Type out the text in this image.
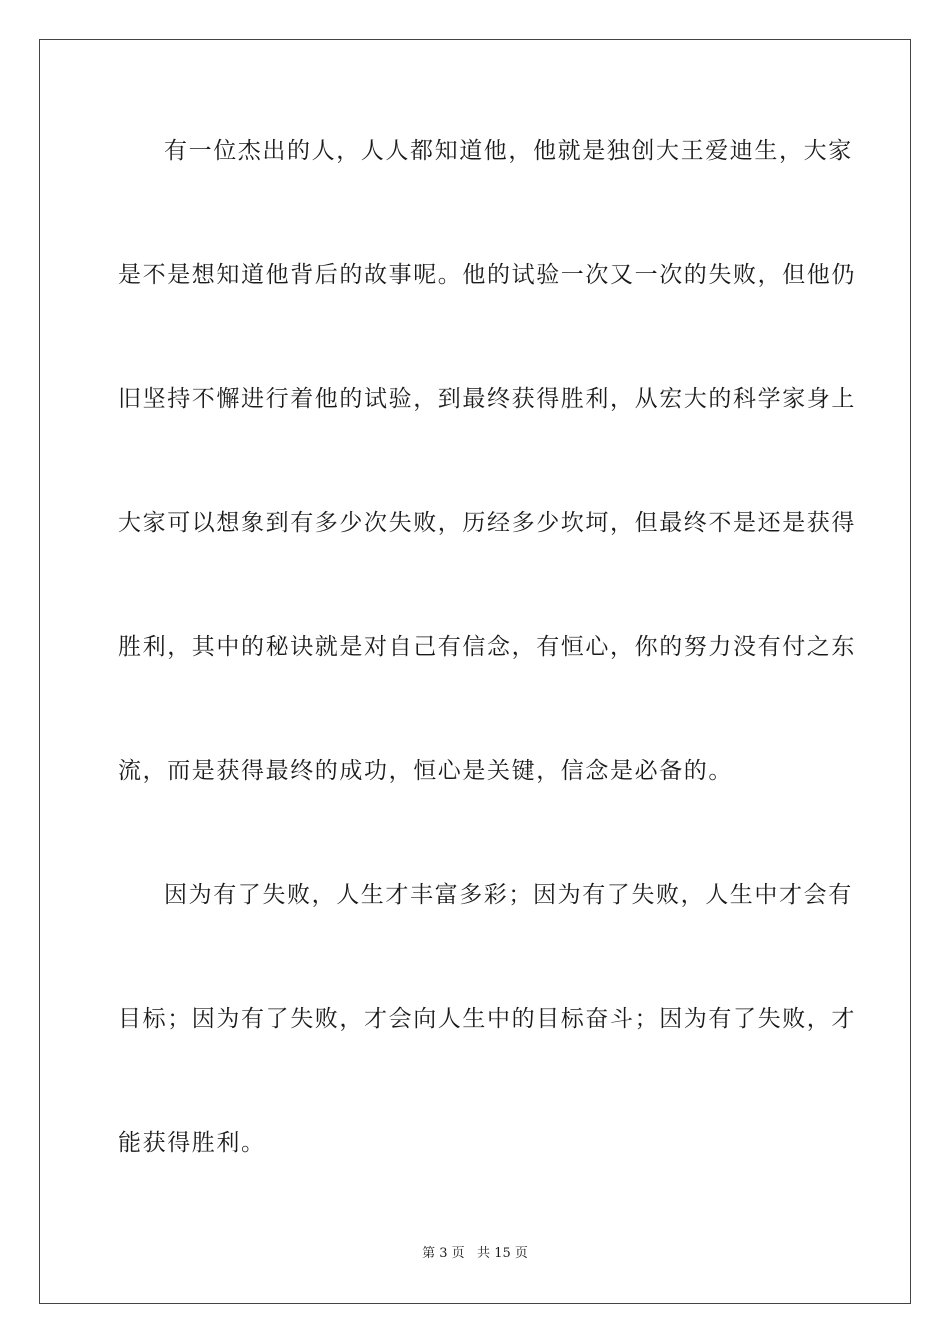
有一位杰出的人，人人都知道他，他就是独创大王爱迪生，大家
是不是想知道他背后的故事呢。他的试验一次又一次的失败，但他仍
旧坚持不懈进行着他的试验，到最终获得胜利，从宏大的科学家身上
大家可以想象到有多少次失败，历经多少坎坷，但最终不是还是获得
胜利，其中的秘诀就是对自己有信念，有恒心，你的努力没有付之东
流，而是获得最终的成功，恒心是关键，信念是必备的。
因为有了失败，人生才丰富多彩；因为有了失败，人生中才会有
目标；因为有了失败，才会向人生中的目标奋斗；因为有了失败，才
能获得胜利。
第 3 页   共 15 页
